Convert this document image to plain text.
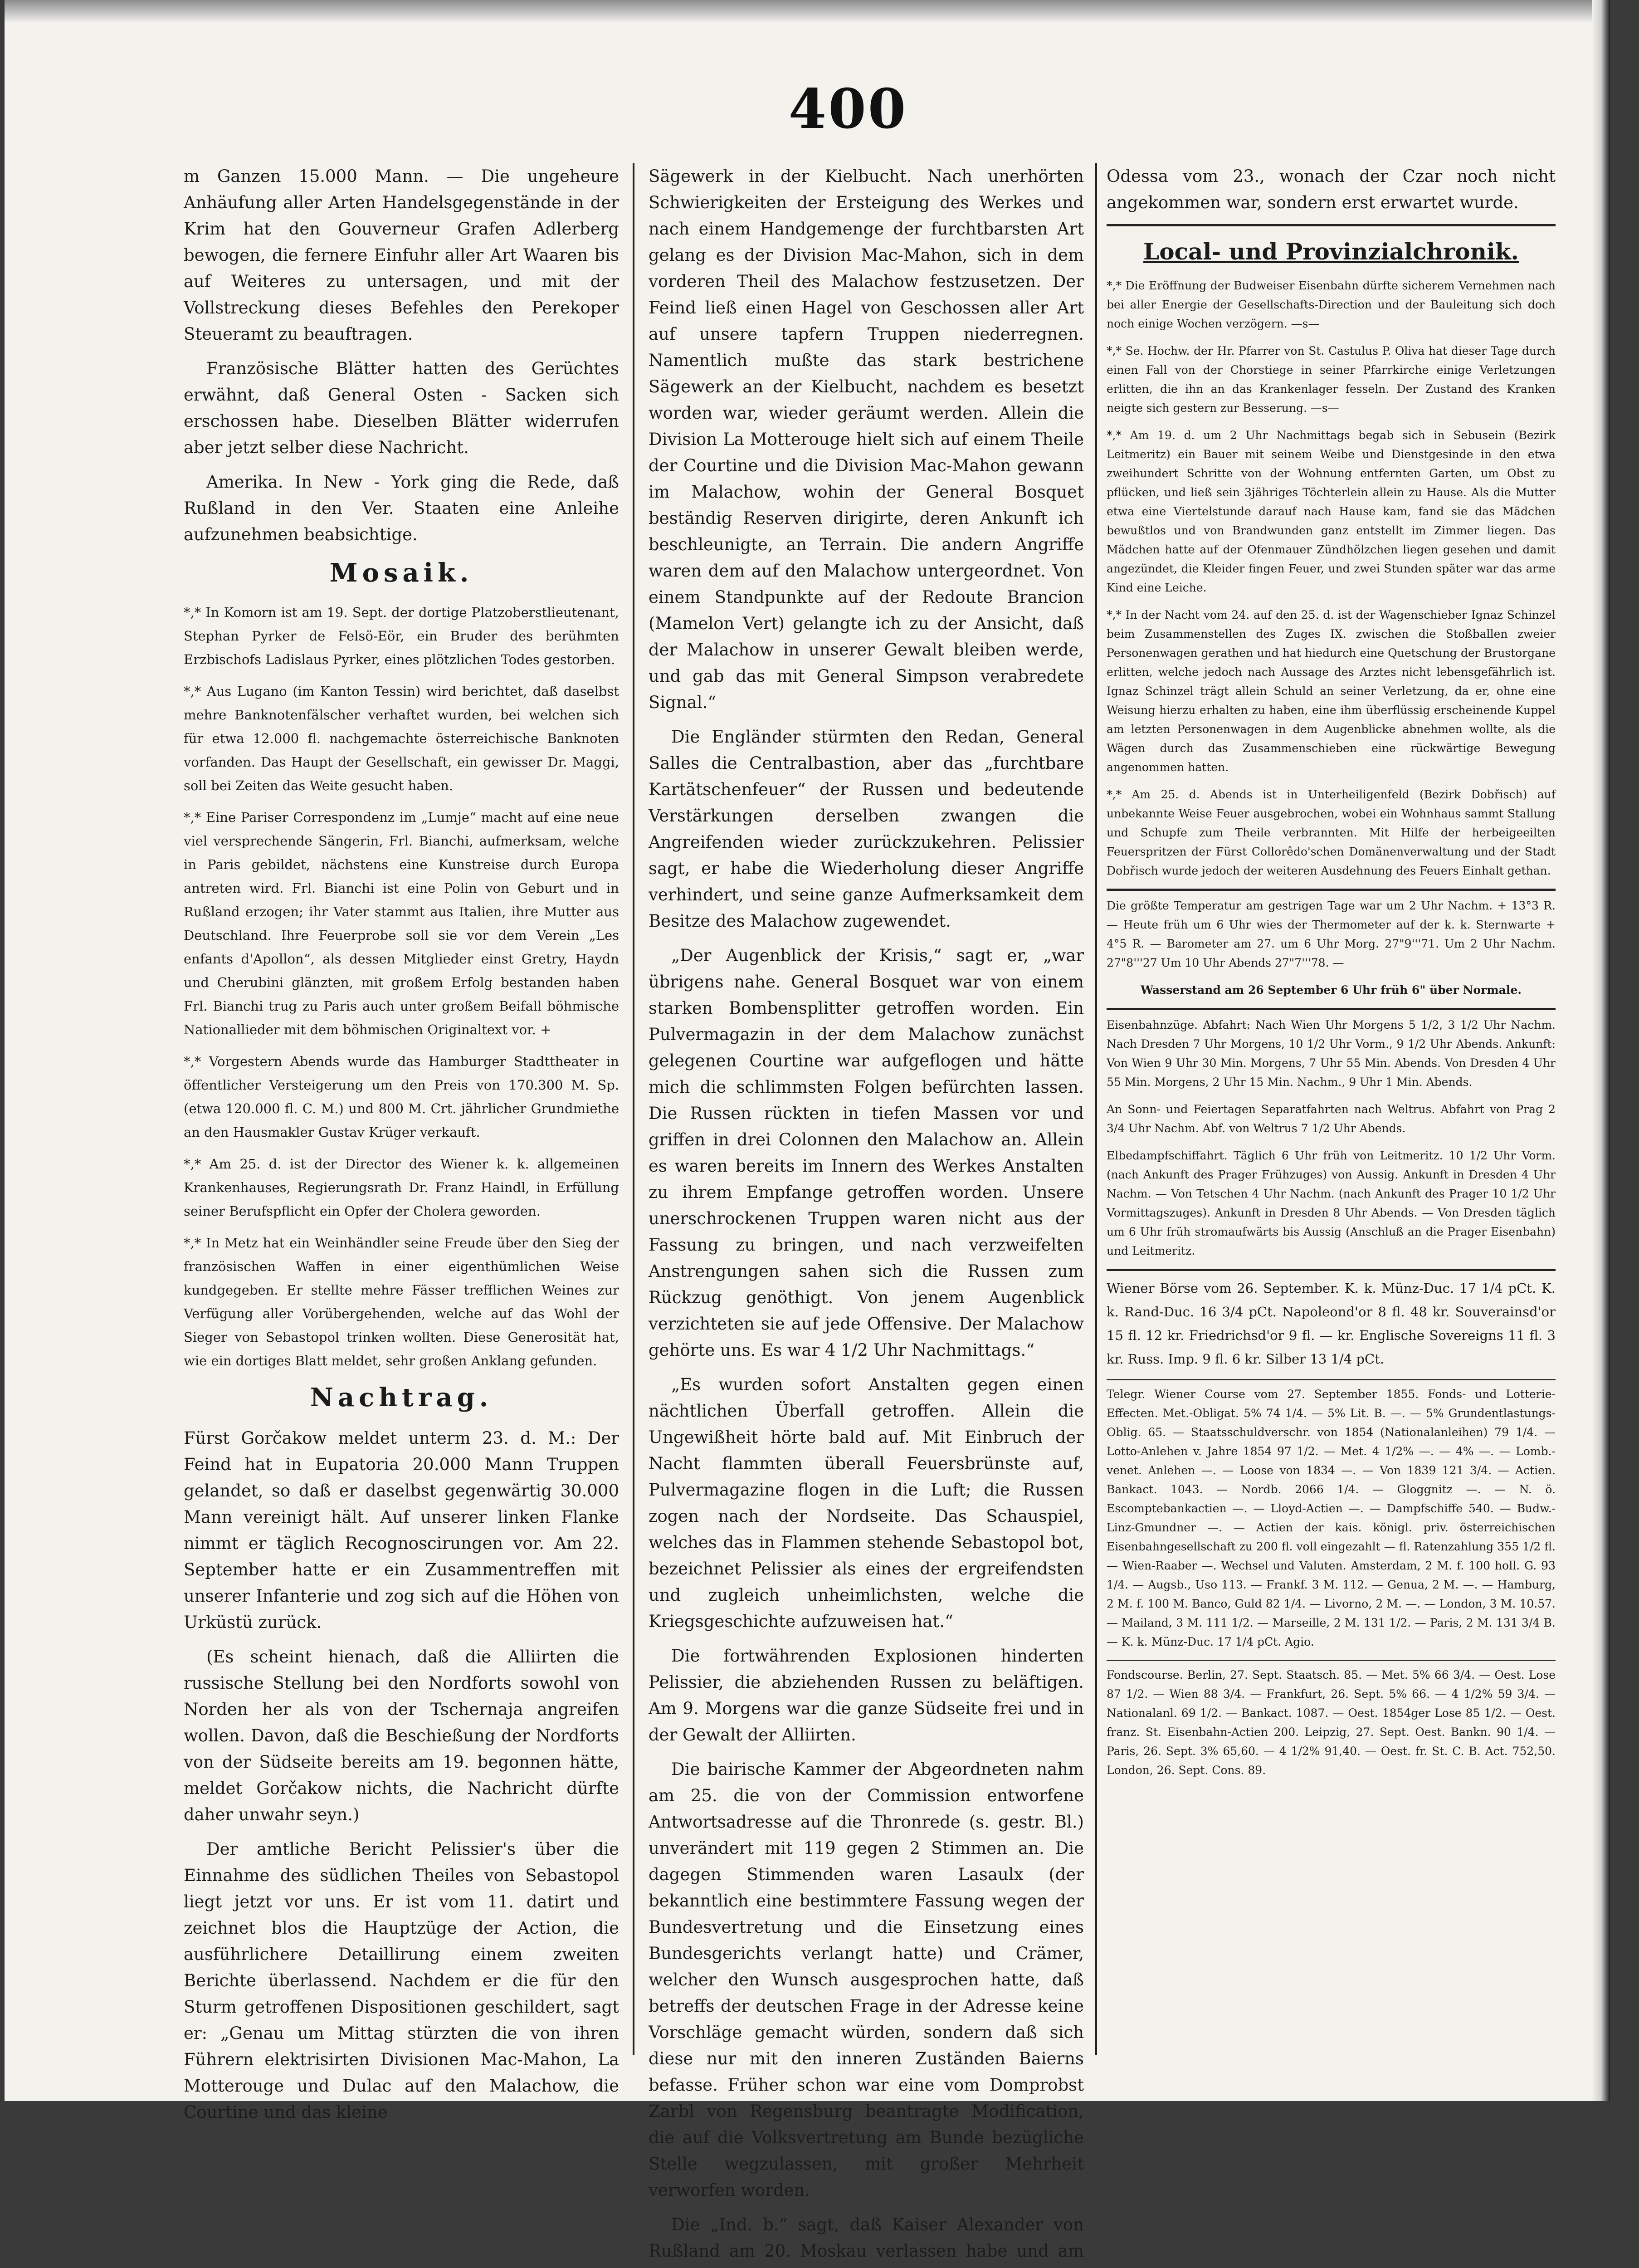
400

m Ganzen 15.000 Mann. — Die ungeheure Anhäufung aller Arten Handelsgegenstände in der Krim hat den Gouverneur Grafen Adlerberg bewogen, die fernere Einfuhr aller Art Waaren bis auf Weiteres zu untersagen, und mit der Vollstreckung dieses Befehles den Perekoper Steueramt zu beauftragen.

Französische Blätter hatten des Gerüchtes erwähnt, daß General Osten - Sacken sich erschossen habe. Dieselben Blätter widerrufen aber jetzt selber diese Nachricht.

Amerika. In New - York ging die Rede, daß Rußland in den Ver. Staaten eine Anleihe aufzunehmen beabsichtige.

Mosaik.

*,* In Komorn ist am 19. Sept. der dortige Platzoberstlieutenant, Stephan Pyrker de Felsö-Eör, ein Bruder des berühmten Erzbischofs Ladislaus Pyrker, eines plötzlichen Todes gestorben.

*,* Aus Lugano (im Kanton Tessin) wird berichtet, daß daselbst mehre Banknotenfälscher verhaftet wurden, bei welchen sich für etwa 12.000 fl. nachgemachte österreichische Banknoten vorfanden. Das Haupt der Gesellschaft, ein gewisser Dr. Maggi, soll bei Zeiten das Weite gesucht haben.

*,* Eine Pariser Correspondenz im „Lumje“ macht auf eine neue viel versprechende Sängerin, Frl. Bianchi, aufmerksam, welche in Paris gebildet, nächstens eine Kunstreise durch Europa antreten wird. Frl. Bianchi ist eine Polin von Geburt und in Rußland erzogen; ihr Vater stammt aus Italien, ihre Mutter aus Deutschland. Ihre Feuerprobe soll sie vor dem Verein „Les enfants d'Apollon“, als dessen Mitglieder einst Gretry, Haydn und Cherubini glänzten, mit großem Erfolg bestanden haben Frl. Bianchi trug zu Paris auch unter großem Beifall böhmische Nationallieder mit dem böhmischen Originaltext vor. +

*,* Vorgestern Abends wurde das Hamburger Stadttheater in öffentlicher Versteigerung um den Preis von 170.300 M. Sp. (etwa 120.000 fl. C. M.) und 800 M. Crt. jährlicher Grundmiethe an den Hausmakler Gustav Krüger verkauft.

*,* Am 25. d. ist der Director des Wiener k. k. allgemeinen Krankenhauses, Regierungsrath Dr. Franz Haindl, in Erfüllung seiner Berufspflicht ein Opfer der Cholera geworden.

*,* In Metz hat ein Weinhändler seine Freude über den Sieg der französischen Waffen in einer eigenthümlichen Weise kundgegeben. Er stellte mehre Fässer trefflichen Weines zur Verfügung aller Vorübergehenden, welche auf das Wohl der Sieger von Sebastopol trinken wollten. Diese Generosität hat, wie ein dortiges Blatt meldet, sehr großen Anklang gefunden.

Nachtrag.

Fürst Gorčakow meldet unterm 23. d. M.: Der Feind hat in Eupatoria 20.000 Mann Truppen gelandet, so daß er daselbst gegenwärtig 30.000 Mann vereinigt hält. Auf unserer linken Flanke nimmt er täglich Recognoscirungen vor. Am 22. September hatte er ein Zusammentreffen mit unserer Infanterie und zog sich auf die Höhen von Urküstü zurück.

(Es scheint hienach, daß die Alliirten die russische Stellung bei den Nordforts sowohl von Norden her als von der Tschernaja angreifen wollen. Davon, daß die Beschießung der Nordforts von der Südseite bereits am 19. begonnen hätte, meldet Gorčakow nichts, die Nachricht dürfte daher unwahr seyn.)

Der amtliche Bericht Pelissier's über die Einnahme des südlichen Theiles von Sebastopol liegt jetzt vor uns. Er ist vom 11. datirt und zeichnet blos die Hauptzüge der Action, die ausführlichere Detaillirung einem zweiten Berichte überlassend. Nachdem er die für den Sturm getroffenen Dispositionen geschildert, sagt er: „Genau um Mittag stürzten die von ihren Führern elektrisirten Divisionen Mac-Mahon, La Motterouge und Dulac auf den Malachow, die Courtine und das kleine

Sägewerk in der Kielbucht. Nach unerhörten Schwierigkeiten der Ersteigung des Werkes und nach einem Handgemenge der furchtbarsten Art gelang es der Division Mac-Mahon, sich in dem vorderen Theil des Malachow festzusetzen. Der Feind ließ einen Hagel von Geschossen aller Art auf unsere tapfern Truppen niederregnen. Namentlich mußte das stark bestrichene Sägewerk an der Kielbucht, nachdem es besetzt worden war, wieder geräumt werden. Allein die Division La Motterouge hielt sich auf einem Theile der Courtine und die Division Mac-Mahon gewann im Malachow, wohin der General Bosquet beständig Reserven dirigirte, deren Ankunft ich beschleunigte, an Terrain. Die andern Angriffe waren dem auf den Malachow untergeordnet. Von einem Standpunkte auf der Redoute Brancion (Mamelon Vert) gelangte ich zu der Ansicht, daß der Malachow in unserer Gewalt bleiben werde, und gab das mit General Simpson verabredete Signal.“

Die Engländer stürmten den Redan, General Salles die Centralbastion, aber das „furchtbare Kartätschenfeuer“ der Russen und bedeutende Verstärkungen derselben zwangen die Angreifenden wieder zurückzukehren. Pelissier sagt, er habe die Wiederholung dieser Angriffe verhindert, und seine ganze Aufmerksamkeit dem Besitze des Malachow zugewendet.

„Der Augenblick der Krisis,“ sagt er, „war übrigens nahe. General Bosquet war von einem starken Bombensplitter getroffen worden. Ein Pulvermagazin in der dem Malachow zunächst gelegenen Courtine war aufgeflogen und hätte mich die schlimmsten Folgen befürchten lassen. Die Russen rückten in tiefen Massen vor und griffen in drei Colonnen den Malachow an. Allein es waren bereits im Innern des Werkes Anstalten zu ihrem Empfange getroffen worden. Unsere unerschrockenen Truppen waren nicht aus der Fassung zu bringen, und nach verzweifelten Anstrengungen sahen sich die Russen zum Rückzug genöthigt. Von jenem Augenblick verzichteten sie auf jede Offensive. Der Malachow gehörte uns. Es war 4 1/2 Uhr Nachmittags.“

„Es wurden sofort Anstalten gegen einen nächtlichen Überfall getroffen. Allein die Ungewißheit hörte bald auf. Mit Einbruch der Nacht flammten überall Feuersbrünste auf, Pulvermagazine flogen in die Luft; die Russen zogen nach der Nordseite. Das Schauspiel, welches das in Flammen stehende Sebastopol bot, bezeichnet Pelissier als eines der ergreifendsten und zugleich unheimlichsten, welche die Kriegsgeschichte aufzuweisen hat.“

Die fortwährenden Explosionen hinderten Pelissier, die abziehenden Russen zu beläftigen. Am 9. Morgens war die ganze Südseite frei und in der Gewalt der Alliirten.

Die bairische Kammer der Abgeordneten nahm am 25. die von der Commission entworfene Antwortsadresse auf die Thronrede (s. gestr. Bl.) unverändert mit 119 gegen 2 Stimmen an. Die dagegen Stimmenden waren Lasaulx (der bekanntlich eine bestimmtere Fassung wegen der Bundesvertretung und die Einsetzung eines Bundesgerichts verlangt hatte) und Crämer, welcher den Wunsch ausgesprochen hatte, daß betreffs der deutschen Frage in der Adresse keine Vorschläge gemacht würden, sondern daß sich diese nur mit den inneren Zuständen Baierns befasse. Früher schon war eine vom Domprobst Zarbl von Regensburg beantragte Modification, die auf die Volksvertretung am Bunde bezügliche Stelle wegzulassen, mit großer Mehrheit verworfen worden.

Die „Ind. b.“ sagt, daß Kaiser Alexander von Rußland am 20. Moskau verlassen habe und am

Odessa vom 23., wonach der Czar noch nicht angekommen war, sondern erst erwartet wurde.

Local- und Provinzialchronik.

*,* Die Eröffnung der Budweiser Eisenbahn dürfte sicherem Vernehmen nach bei aller Energie der Gesellschafts-Direction und der Bauleitung sich doch noch einige Wochen verzögern. —s—

*,* Se. Hochw. der Hr. Pfarrer von St. Castulus P. Oliva hat dieser Tage durch einen Fall von der Chorstiege in seiner Pfarrkirche einige Verletzungen erlitten, die ihn an das Krankenlager fesseln. Der Zustand des Kranken neigte sich gestern zur Besserung. —s—

*,* Am 19. d. um 2 Uhr Nachmittags begab sich in Sebusein (Bezirk Leitmeritz) ein Bauer mit seinem Weibe und Dienstgesinde in den etwa zweihundert Schritte von der Wohnung entfernten Garten, um Obst zu pflücken, und ließ sein 3jähriges Töchterlein allein zu Hause. Als die Mutter etwa eine Viertelstunde darauf nach Hause kam, fand sie das Mädchen bewußtlos und von Brandwunden ganz entstellt im Zimmer liegen. Das Mädchen hatte auf der Ofenmauer Zündhölzchen liegen gesehen und damit angezündet, die Kleider fingen Feuer, und zwei Stunden später war das arme Kind eine Leiche.

*,* In der Nacht vom 24. auf den 25. d. ist der Wagenschieber Ignaz Schinzel beim Zusammenstellen des Zuges IX. zwischen die Stoßballen zweier Personenwagen gerathen und hat hiedurch eine Quetschung der Brustorgane erlitten, welche jedoch nach Aussage des Arztes nicht lebensgefährlich ist. Ignaz Schinzel trägt allein Schuld an seiner Verletzung, da er, ohne eine Weisung hierzu erhalten zu haben, eine ihm überflüssig erscheinende Kuppel am letzten Personenwagen in dem Augenblicke abnehmen wollte, als die Wägen durch das Zusammenschieben eine rückwärtige Bewegung angenommen hatten.

*,* Am 25. d. Abends ist in Unterheiligenfeld (Bezirk Dobřisch) auf unbekannte Weise Feuer ausgebrochen, wobei ein Wohnhaus sammt Stallung und Schupfe zum Theile verbrannten. Mit Hilfe der herbeigeeilten Feuerspritzen der Fürst Collorêdo'schen Domänenverwaltung und der Stadt Dobřisch wurde jedoch der weiteren Ausdehnung des Feuers Einhalt gethan.

Die größte Temperatur am gestrigen Tage war um 2 Uhr Nachm. + 13°3 R. — Heute früh um 6 Uhr wies der Thermometer auf der k. k. Sternwarte + 4°5 R. — Barometer am 27. um 6 Uhr Morg. 27"9'''71. Um 2 Uhr Nachm. 27"8'''27 Um 10 Uhr Abends 27"7'''78. —

Wasserstand am 26 September 6 Uhr früh 6" über Normale.

Eisenbahnzüge. Abfahrt: Nach Wien Uhr Morgens 5 1/2, 3 1/2 Uhr Nachm. Nach Dresden 7 Uhr Morgens, 10 1/2 Uhr Vorm., 9 1/2 Uhr Abends. Ankunft: Von Wien 9 Uhr 30 Min. Morgens, 7 Uhr 55 Min. Abends. Von Dresden 4 Uhr 55 Min. Morgens, 2 Uhr 15 Min. Nachm., 9 Uhr 1 Min. Abends.

An Sonn- und Feiertagen Separatfahrten nach Weltrus. Abfahrt von Prag 2 3/4 Uhr Nachm. Abf. von Weltrus 7 1/2 Uhr Abends.

Elbedampfschiffahrt. Täglich 6 Uhr früh von Leitmeritz. 10 1/2 Uhr Vorm. (nach Ankunft des Prager Frühzuges) von Aussig. Ankunft in Dresden 4 Uhr Nachm. — Von Tetschen 4 Uhr Nachm. (nach Ankunft des Prager 10 1/2 Uhr Vormittagszuges). Ankunft in Dresden 8 Uhr Abends. — Von Dresden täglich um 6 Uhr früh stromaufwärts bis Aussig (Anschluß an die Prager Eisenbahn) und Leitmeritz.

Wiener Börse vom 26. September. K. k. Münz-Duc. 17 1/4 pCt. K. k. Rand-Duc. 16 3/4 pCt. Napoleond'or 8 fl. 48 kr. Souverainsd'or 15 fl. 12 kr. Friedrichsd'or 9 fl. — kr. Englische Sovereigns 11 fl. 3 kr. Russ. Imp. 9 fl. 6 kr. Silber 13 1/4 pCt.

Telegr. Wiener Course vom 27. September 1855. Fonds- und Lotterie-Effecten. Met.-Obligat. 5% 74 1/4. — 5% Lit. B. —. — 5% Grundentlastungs-Oblig. 65. — Staatsschuldverschr. von 1854 (Nationalanleihen) 79 1/4. — Lotto-Anlehen v. Jahre 1854 97 1/2. — Met. 4 1/2% —. — 4% —. — Lomb.-venet. Anlehen —. — Loose von 1834 —. — Von 1839 121 3/4. — Actien. Bankact. 1043. — Nordb. 2066 1/4. — Gloggnitz —. — N. ö. Escomptebankactien —. — Lloyd-Actien —. — Dampfschiffe 540. — Budw.-Linz-Gmundner —. — Actien der kais. königl. priv. österreichischen Eisenbahngesellschaft zu 200 fl. voll eingezahlt — fl. Ratenzahlung 355 1/2 fl. — Wien-Raaber —. Wechsel und Valuten. Amsterdam, 2 M. f. 100 holl. G. 93 1/4. — Augsb., Uso 113. — Frankf. 3 M. 112. — Genua, 2 M. —. — Hamburg, 2 M. f. 100 M. Banco, Guld 82 1/4. — Livorno, 2 M. —. — London, 3 M. 10.57. — Mailand, 3 M. 111 1/2. — Marseille, 2 M. 131 1/2. — Paris, 2 M. 131 3/4 B. — K. k. Münz-Duc. 17 1/4 pCt. Agio.

Fondscourse. Berlin, 27. Sept. Staatsch. 85. — Met. 5% 66 3/4. — Oest. Lose 87 1/2. — Wien 88 3/4. — Frankfurt, 26. Sept. 5% 66. — 4 1/2% 59 3/4. — Nationalanl. 69 1/2. — Bankact. 1087. — Oest. 1854ger Lose 85 1/2. — Oest. franz. St. Eisenbahn-Actien 200. Leipzig, 27. Sept. Oest. Bankn. 90 1/4. — Paris, 26. Sept. 3% 65,60. — 4 1/2% 91,40. — Oest. fr. St. C. B. Act. 752,50. London, 26. Sept. Cons. 89.
